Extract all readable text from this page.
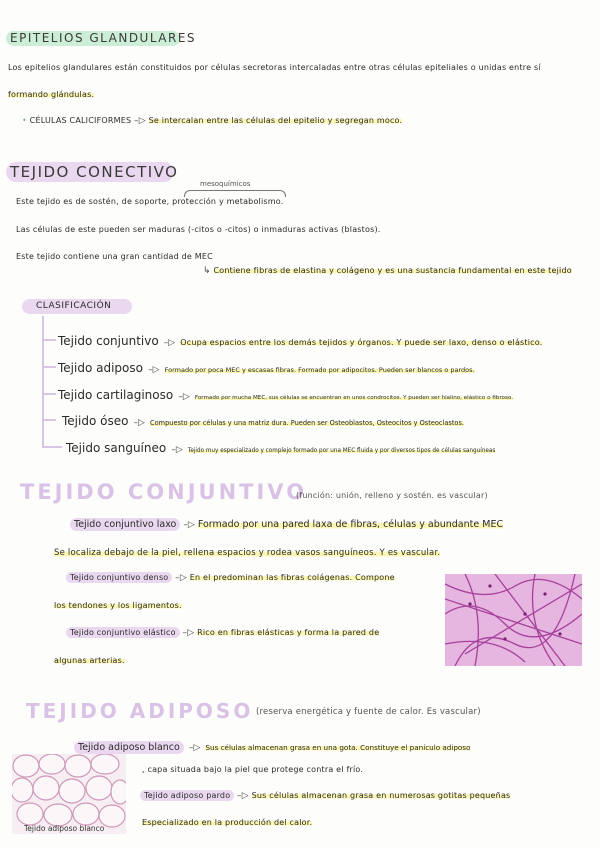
EPITELIOS GLANDULARES
Los epitelios glandulares están constituidos por células secretoras intercaladas entre otras células epiteliales o unidas entre sí
formando glándulas.
• CÉLULAS CALICIFORMES –▷ Se intercalan entre las células del epitelio y segregan moco.
TEJIDO CONECTIVO
mesoquímicos
Este tejido es de sostén, de soporte, protección y metabolismo.
Las células de este pueden ser maduras (-citos o -citos) o inmaduras activas (blastos).
Este tejido contiene una gran cantidad de MEC
↳ Contiene fibras de elastina y colágeno y es una sustancia fundamental en este tejido
CLASIFICACIÓN
Tejido conjuntivo –▷ Ocupa espacios entre los demás tejidos y órganos. Y puede ser laxo, denso o elástico.
Tejido adiposo –▷ Formado por poca MEC y escasas fibras. Formado por adipocitos. Pueden ser blancos o pardos.
Tejido cartilaginoso –▷ Formado por mucha MEC, sus células se encuentran en unos condrocitos. Y pueden ser hialino, elástico o fibroso.
Tejido óseo –▷ Compuesto por células y una matriz dura. Pueden ser Osteoblastos, Osteocitos y Osteoclastos.
Tejido sanguíneo –▷ Tejido muy especializado y complejo formado por una MEC fluida y por diversos tipos de células sanguíneas
TEJIDO CONJUNTIVO
(función: unión, relleno y sostén. es vascular)
Tejido conjuntivo laxo –▷ Formado por una pared laxa de fibras, células y abundante MEC
Se localiza debajo de la piel, rellena espacios y rodea vasos sanguíneos. Y es vascular.
Tejido conjuntivo denso –▷ En el predominan las fibras colágenas. Compone
los tendones y los ligamentos.
Tejido conjuntivo elástico –▷ Rico en fibras elásticas y forma la pared de
algunas arterias.
TEJIDO ADIPOSO (reserva energética y fuente de calor. Es vascular)
Tejido adiposo blanco –▷ Sus células almacenan grasa en una gota. Constituye el panículo adiposo
, capa situada bajo la piel que protege contra el frío.
Tejido adiposo pardo –▷ Sus células almacenan grasa en numerosas gotitas pequeñas
Especializado en la producción del calor.
Tejido adiposo blanco
